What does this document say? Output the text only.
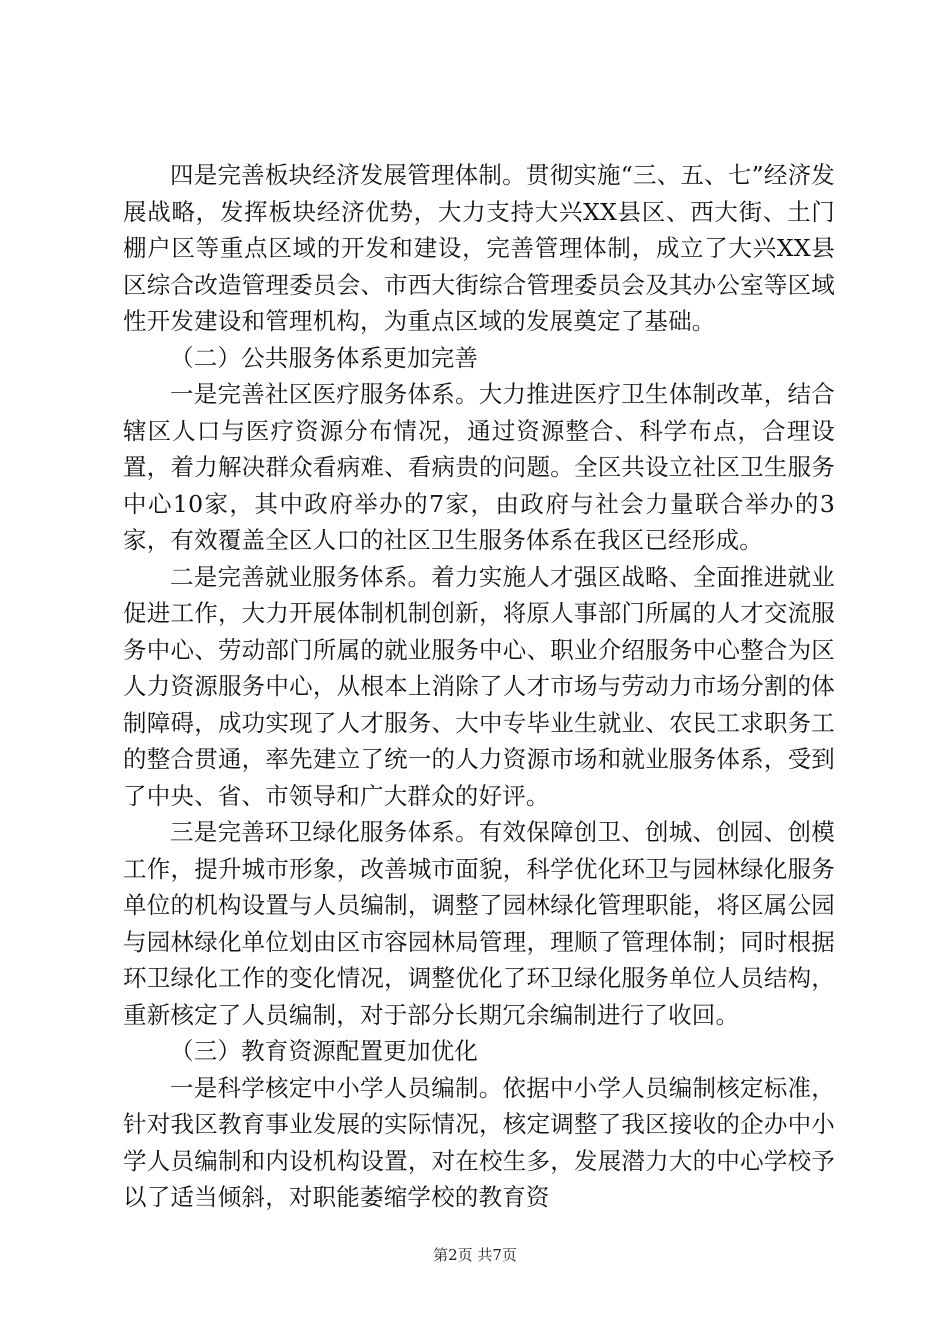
四是完善板块经济发展管理体制。贯彻实施“三、五、七”经济发展战略，发挥板块经济优势，大力支持大兴XX县区、西大街、土门棚户区等重点区域的开发和建设，完善管理体制，成立了大兴XX县区综合改造管理委员会、市西大街综合管理委员会及其办公室等区域性开发建设和管理机构，为重点区域的发展奠定了基础。

（二）公共服务体系更加完善

一是完善社区医疗服务体系。大力推进医疗卫生体制改革，结合辖区人口与医疗资源分布情况，通过资源整合、科学布点，合理设置，着力解决群众看病难、看病贵的问题。全区共设立社区卫生服务中心10家，其中政府举办的7家，由政府与社会力量联合举办的3家，有效覆盖全区人口的社区卫生服务体系在我区已经形成。

二是完善就业服务体系。着力实施人才强区战略、全面推进就业促进工作，大力开展体制机制创新，将原人事部门所属的人才交流服务中心、劳动部门所属的就业服务中心、职业介绍服务中心整合为区人力资源服务中心，从根本上消除了人才市场与劳动力市场分割的体制障碍，成功实现了人才服务、大中专毕业生就业、农民工求职务工的整合贯通，率先建立了统一的人力资源市场和就业服务体系，受到了中央、省、市领导和广大群众的好评。

三是完善环卫绿化服务体系。有效保障创卫、创城、创园、创模工作，提升城市形象，改善城市面貌，科学优化环卫与园林绿化服务单位的机构设置与人员编制，调整了园林绿化管理职能，将区属公园与园林绿化单位划由区市容园林局管理，理顺了管理体制；同时根据环卫绿化工作的变化情况，调整优化了环卫绿化服务单位人员结构，重新核定了人员编制，对于部分长期冗余编制进行了收回。

（三）教育资源配置更加优化

一是科学核定中小学人员编制。依据中小学人员编制核定标准，针对我区教育事业发展的实际情况，核定调整了我区接收的企办中小学人员编制和内设机构设置，对在校生多，发展潜力大的中心学校予以了适当倾斜，对职能萎缩学校的教育资

第2页 共7页
